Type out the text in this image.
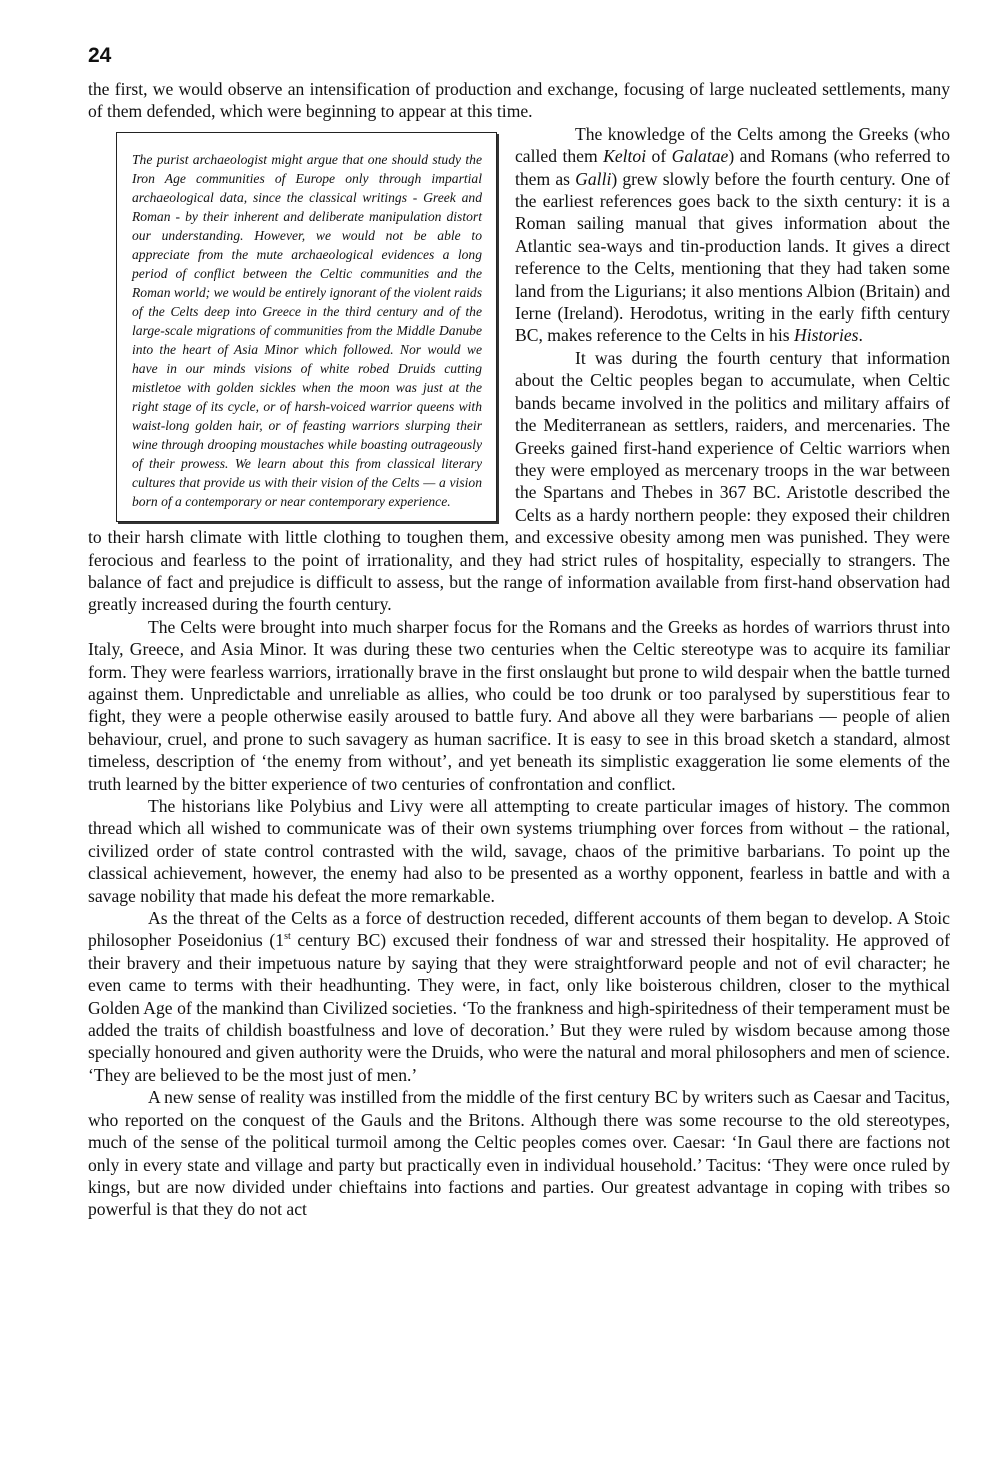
24

the first, we would observe an intensification of production and exchange, focusing of large nucleated settlements, many of them defended, which were beginning to appear at this time.

The purist archaeologist might argue that one should study the Iron Age communities of Europe only through impartial archaeological data, since the classical writings - Greek and Roman - by their inherent and deliberate manipulation distort our understanding. However, we would not be able to appreciate from the mute archaeological evidences a long period of conflict between the Celtic communities and the Roman world; we would be entirely ignorant of the violent raids of the Celts deep into Greece in the third century and of the large-scale migrations of communities from the Middle Danube into the heart of Asia Minor which followed. Nor would we have in our minds visions of white robed Druids cutting mistletoe with golden sickles when the moon was just at the right stage of its cycle, or of harsh-voiced warrior queens with waist-long golden hair, or of feasting warriors slurping their wine through drooping moustaches while boasting outrageously of their prowess. We learn about this from classical literary cultures that provide us with their vision of the Celts — a vision born of a contemporary or near contemporary experience.

The knowledge of the Celts among the Greeks (who called them Keltoi of Galatae) and Romans (who referred to them as Galli) grew slowly before the fourth century. One of the earliest references goes back to the sixth century: it is a Roman sailing manual that gives information about the Atlantic sea-ways and tin-production lands. It gives a direct reference to the Celts, mentioning that they had taken some land from the Ligurians; it also mentions Albion (Britain) and Ierne (Ireland). Herodotus, writing in the early fifth century BC, makes reference to the Celts in his Histories.

It was during the fourth century that information about the Celtic peoples began to accumulate, when Celtic bands became involved in the politics and military affairs of the Mediterranean as settlers, raiders, and mercenaries. The Greeks gained first-hand experience of Celtic warriors when they were employed as mercenary troops in the war between the Spartans and Thebes in 367 BC. Aristotle described the Celts as a hardy northern people: they exposed their children to their harsh climate with little clothing to toughen them, and excessive obesity among men was punished. They were ferocious and fearless to the point of irrationality, and they had strict rules of hospitality, especially to strangers. The balance of fact and prejudice is difficult to assess, but the range of information available from first-hand observation had greatly increased during the fourth century.

The Celts were brought into much sharper focus for the Romans and the Greeks as hordes of warriors thrust into Italy, Greece, and Asia Minor. It was during these two centuries when the Celtic stereotype was to acquire its familiar form. They were fearless warriors, irrationally brave in the first onslaught but prone to wild despair when the battle turned against them. Unpredictable and unreliable as allies, who could be too drunk or too paralysed by superstitious fear to fight, they were a people otherwise easily aroused to battle fury. And above all they were barbarians — people of alien behaviour, cruel, and prone to such savagery as human sacrifice. It is easy to see in this broad sketch a standard, almost timeless, description of ‘the enemy from without’, and yet beneath its simplistic exaggeration lie some elements of the truth learned by the bitter experience of two centuries of confrontation and conflict.

The historians like Polybius and Livy were all attempting to create particular images of history. The common thread which all wished to communicate was of their own systems triumphing over forces from without – the rational, civilized order of state control contrasted with the wild, savage, chaos of the primitive barbarians. To point up the classical achievement, however, the enemy had also to be presented as a worthy opponent, fearless in battle and with a savage nobility that made his defeat the more remarkable.

As the threat of the Celts as a force of destruction receded, different accounts of them began to develop. A Stoic philosopher Poseidonius (1st century BC) excused their fondness of war and stressed their hospitality. He approved of their bravery and their impetuous nature by saying that they were straightforward people and not of evil character; he even came to terms with their headhunting. They were, in fact, only like boisterous children, closer to the mythical Golden Age of the mankind than Civilized societies. ‘To the frankness and high-spiritedness of their temperament must be added the traits of childish boastfulness and love of decoration.’ But they were ruled by wisdom because among those specially honoured and given authority were the Druids, who were the natural and moral philosophers and men of science. ‘They are believed to be the most just of men.’

A new sense of reality was instilled from the middle of the first century BC by writers such as Caesar and Tacitus, who reported on the conquest of the Gauls and the Britons. Although there was some recourse to the old stereotypes, much of the sense of the political turmoil among the Celtic peoples comes over. Caesar: ‘In Gaul there are factions not only in every state and village and party but practically even in individual household.’ Tacitus: ‘They were once ruled by kings, but are now divided under chieftains into factions and parties. Our greatest advantage in coping with tribes so powerful is that they do not act
